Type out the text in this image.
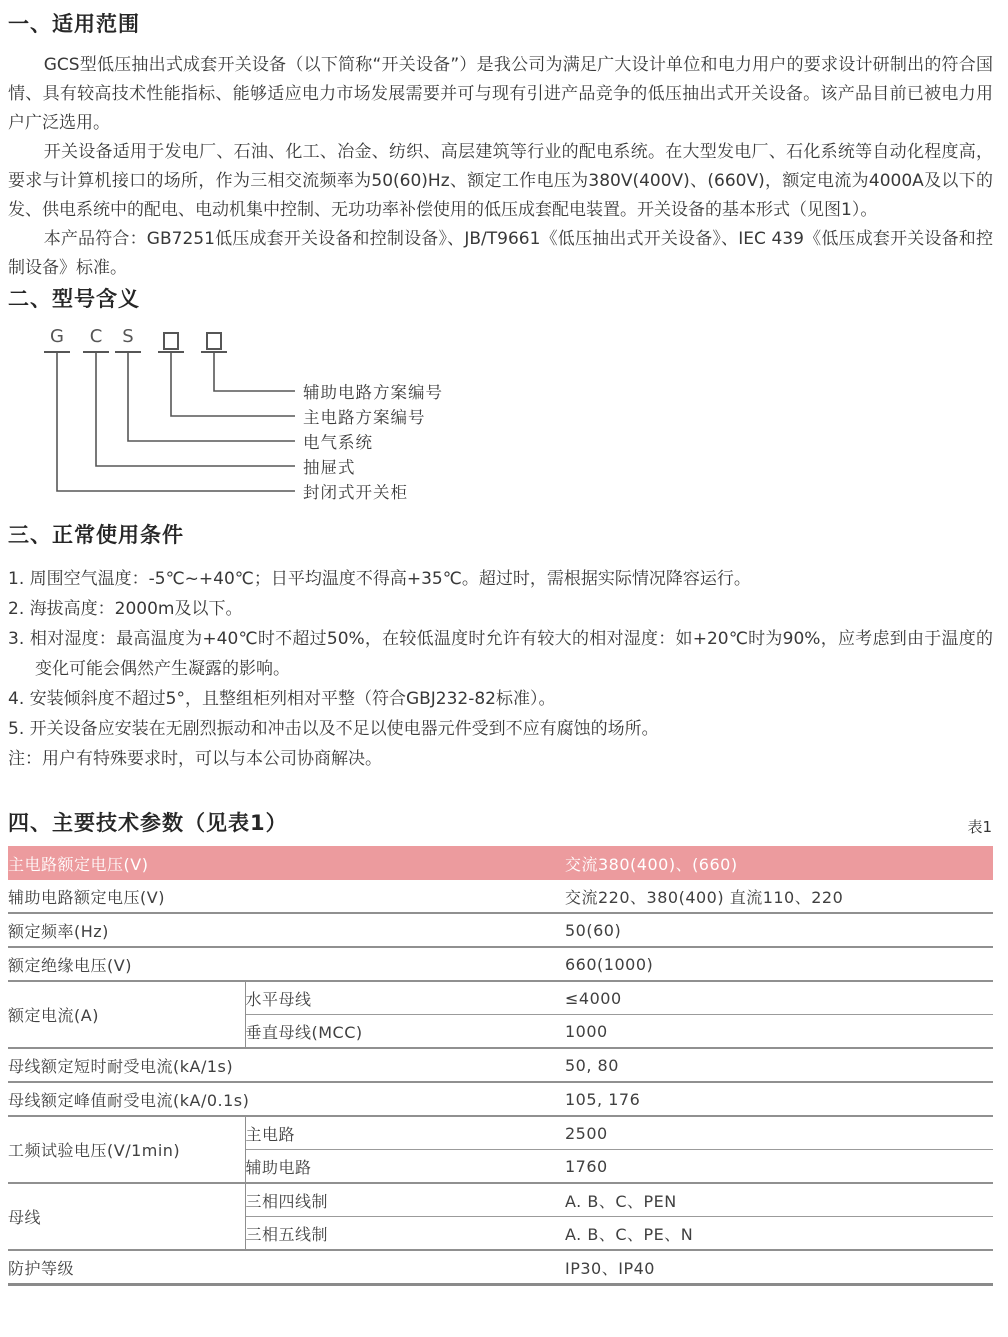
一、适用范围

GCS型低压抽出式成套开关设备（以下简称“开关设备”）是我公司为满足广大设计单位和电力用户的要求设计研制出的符合国情、具有较高技术性能指标、能够适应电力市场发展需要并可与现有引进产品竞争的低压抽出式开关设备。该产品目前已被电力用户广泛选用。

开关设备适用于发电厂、石油、化工、冶金、纺织、高层建筑等行业的配电系统。在大型发电厂、石化系统等自动化程度高，要求与计算机接口的场所，作为三相交流频率为50(60)Hz、额定工作电压为380V(400V)、(660V)，额定电流为4000A及以下的发、供电系统中的配电、电动机集中控制、无功功率补偿使用的低压成套配电装置。开关设备的基本形式（见图1）。

本产品符合：GB7251低压成套开关设备和控制设备》、JB/T9661《低压抽出式开关设备》、IEC 439《低压成套开关设备和控制设备》标准。

二、型号含义
G C S
辅助电路方案编号
主电路方案编号
电气系统
抽屉式
封闭式开关柜
三、正常使用条件
1. 周围空气温度：-5℃~+40℃；日平均温度不得高+35℃。超过时，需根据实际情况降容运行。
2. 海拔高度：2000m及以下。
3. 相对湿度：最高温度为+40℃时不超过50%，在较低温度时允许有较大的相对湿度：如+20℃时为90%，应考虑到由于温度的变化可能会偶然产生凝露的影响。
4. 安装倾斜度不超过5°，且整组柜列相对平整（符合GBJ232-82标准）。
5. 开关设备应安装在无剧烈振动和冲击以及不足以使电器元件受到不应有腐蚀的场所。
注：用户有特殊要求时，可以与本公司协商解决。
四、主要技术参数（见表1）	表1
主电路额定电压(V)		交流380(400)、(660)
辅助电路额定电压(V)		交流220、380(400) 直流110、220
额定频率(Hz)		50(60)
额定绝缘电压(V)		660(1000)
额定电流(A)	水平母线	≤4000
	垂直母线(MCC)	1000
母线额定短时耐受电流(kA/1s)		50, 80
母线额定峰值耐受电流(kA/0.1s)		105, 176
工频试验电压(V/1min)	主电路	2500
	辅助电路	1760
母线	三相四线制	A. B、C、PEN
	三相五线制	A. B、C、PE、N
防护等级		IP30、IP40
